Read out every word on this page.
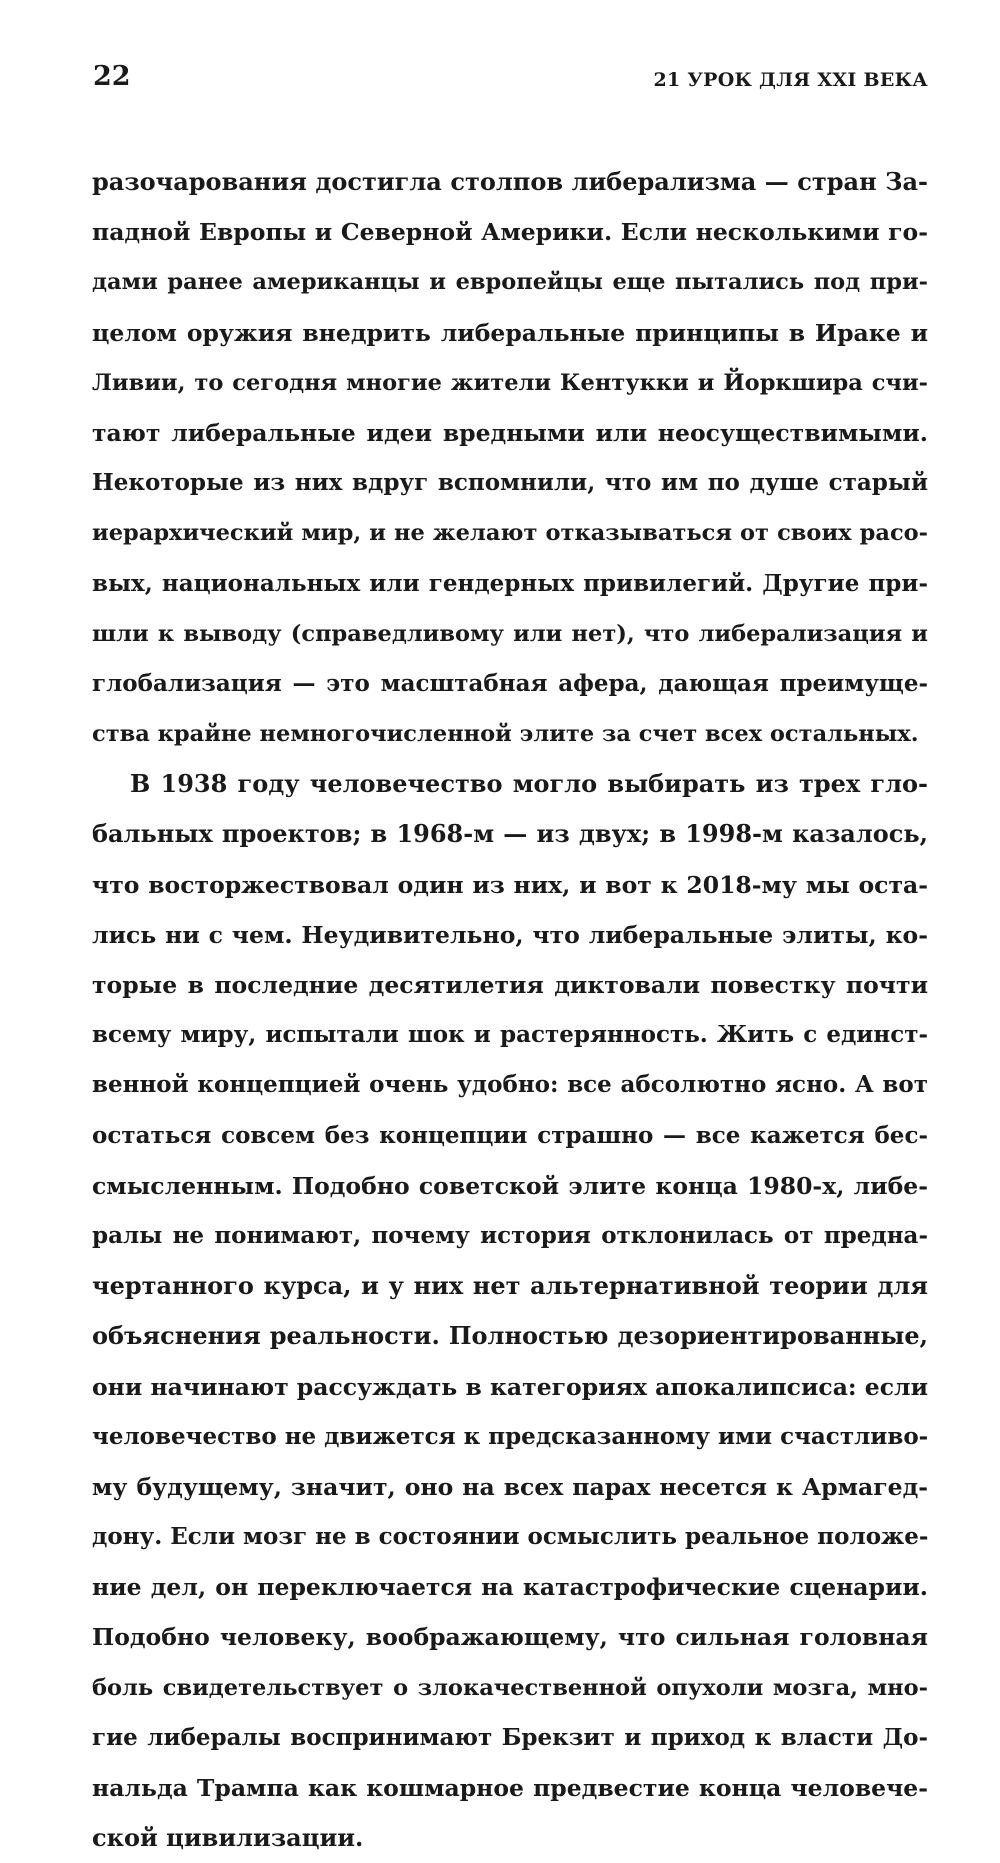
22	21 УРОК ДЛЯ XXI ВЕКА
разочарования достигла столпов либерализма — стран За-
падной Европы и Северной Америки. Если несколькими го-
дами ранее американцы и европейцы еще пытались под при-
целом оружия внедрить либеральные принципы в Ираке и
Ливии, то сегодня многие жители Кентукки и Йоркшира счи-
тают либеральные идеи вредными или неосуществимыми.
Некоторые из них вдруг вспомнили, что им по душе старый
иерархический мир, и не желают отказываться от своих расо-
вых, национальных или гендерных привилегий. Другие при-
шли к выводу (справедливому или нет), что либерализация и
глобализация — это масштабная афера, дающая преимуще-
ства крайне немногочисленной элите за счет всех остальных.
В 1938 году человечество могло выбирать из трех гло-
бальных проектов; в 1968-м — из двух; в 1998-м казалось,
что восторжествовал один из них, и вот к 2018-му мы оста-
лись ни с чем. Неудивительно, что либеральные элиты, ко-
торые в последние десятилетия диктовали повестку почти
всему миру, испытали шок и растерянность. Жить с единст-
венной концепцией очень удобно: все абсолютно ясно. А вот
остаться совсем без концепции страшно — все кажется бес-
смысленным. Подобно советской элите конца 1980-х, либе-
ралы не понимают, почему история отклонилась от предна-
чертанного курса, и у них нет альтернативной теории для
объяснения реальности. Полностью дезориентированные,
они начинают рассуждать в категориях апокалипсиса: если
человечество не движется к предсказанному ими счастливо-
му будущему, значит, оно на всех парах несется к Армагед-
дону. Если мозг не в состоянии осмыслить реальное положе-
ние дел, он переключается на катастрофические сценарии.
Подобно человеку, воображающему, что сильная головная
боль свидетельствует о злокачественной опухоли мозга, мно-
гие либералы воспринимают Брекзит и приход к власти До-
нальда Трампа как кошмарное предвестие конца человече-
ской цивилизации.
